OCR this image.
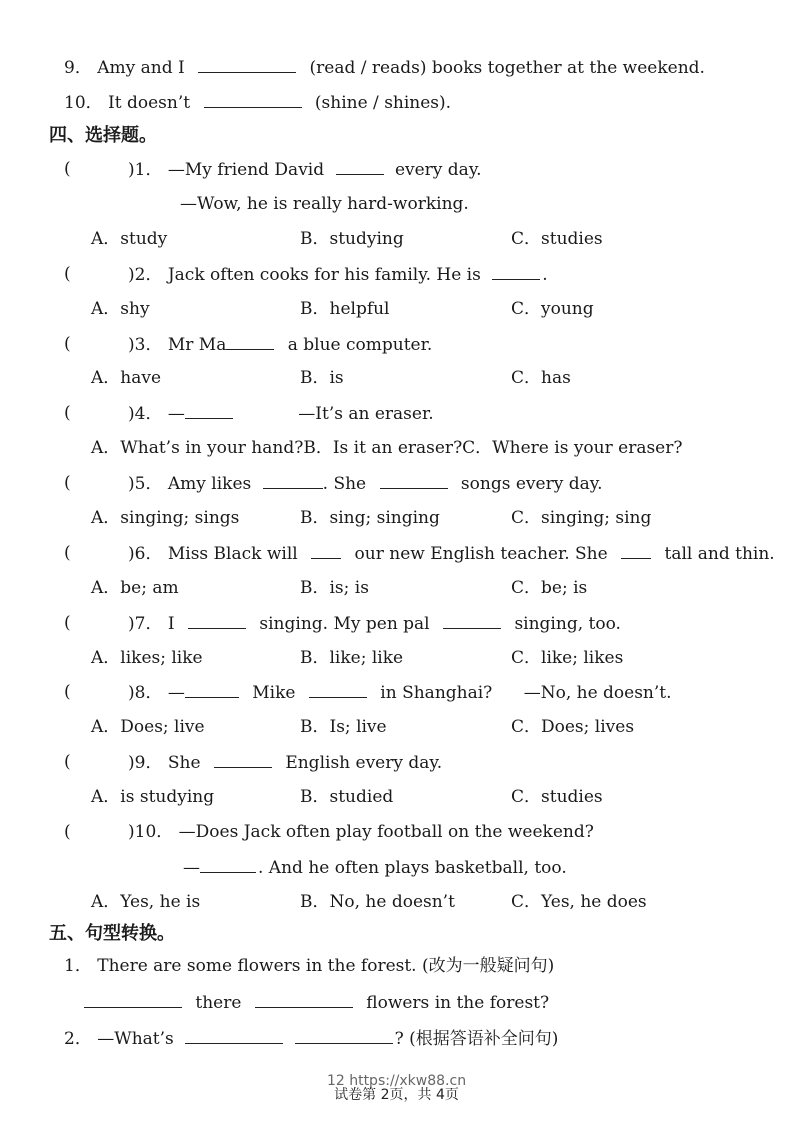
9． Amy and I	(read / reads) books together at the weekend.
10． It doesn’t	(shine / shines).
四、选择题。
(	)1． —My friend David	every day.
—Wow, he is really hard-working.
A．study	B．studying	C．studies
(	)2． Jack often cooks for his family. He is	.
A．shy	B．helpful	C．young
(	)3． Mr Ma	a blue computer.
A．have	B．is	C．has
(	)4． —	—It’s an eraser.
A．What’s in your hand?B．Is it an eraser?C．Where is your eraser?
(	)5． Amy likes	. She	songs every day.
A．singing; sings	B．sing; singing	C．singing; sing
(	)6． Miss Black will	our new English teacher. She	tall and thin.
A．be; am	B．is; is	C．be; is
(	)7． I	singing. My pen pal	singing, too.
A．likes; like	B．like; like	C．like; likes
(	)8． —	Mike	in Shanghai? —No, he doesn’t.
A．Does; live	B．Is; live	C．Does; lives
(	)9． She	English every day.
A．is studying	B．studied	C．studies
(	)10． —Does Jack often play football on the weekend?
—	. And he often plays basketball, too.
A．Yes, he is	B．No, he doesn’t	C．Yes, he does
五、句型转换。
1． There are some flowers in the forest. (改为一般疑问句)
there	flowers in the forest?
2． —What’s	? (根据答语补全问句)
12 https://xkw88.cn
试卷第 2页，共 4页
